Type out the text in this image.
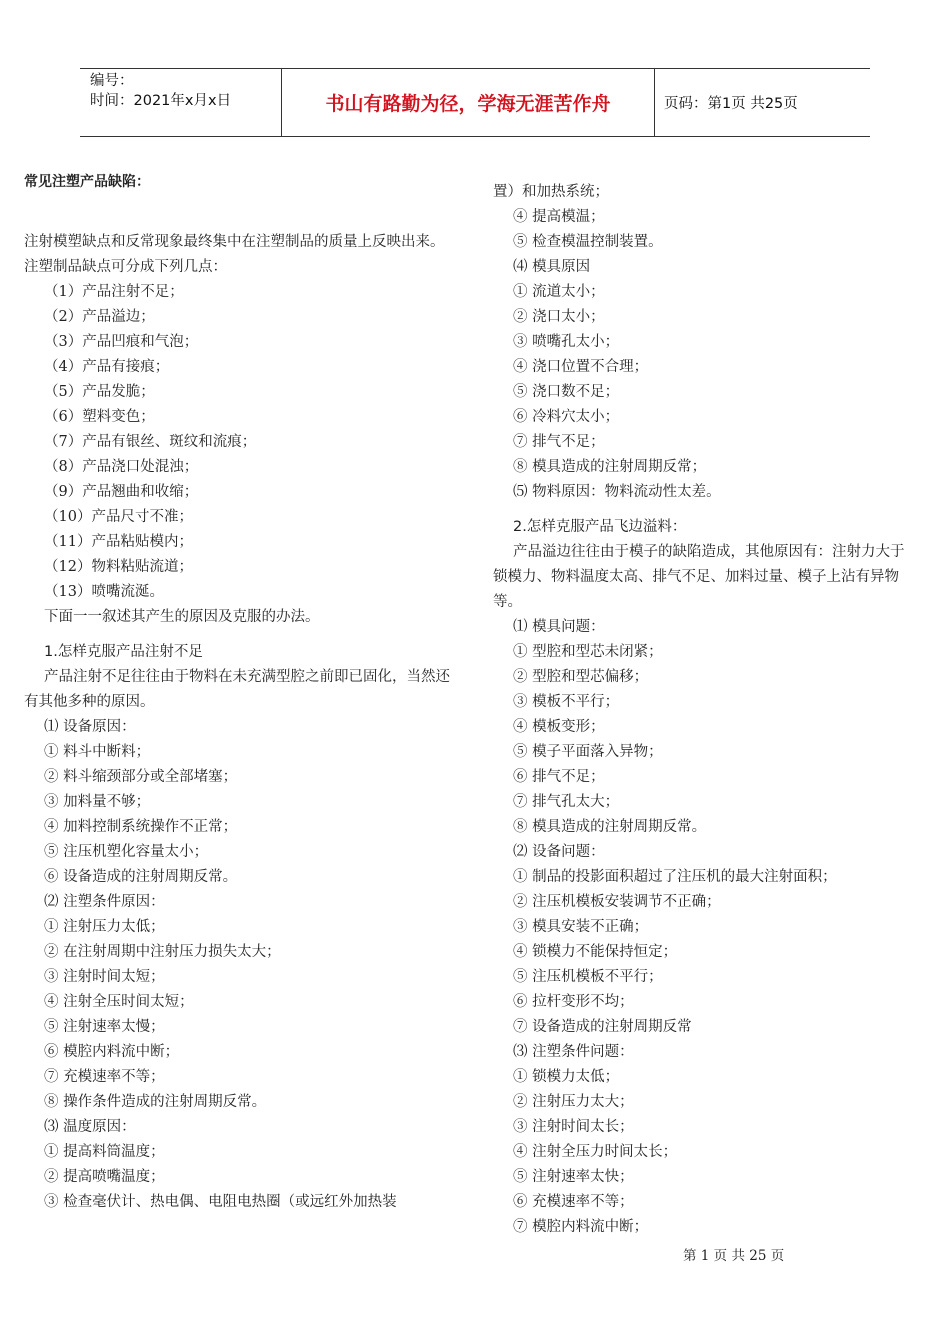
编号：
时间：2021年x月x日	书山有路勤为径，学海无涯苦作舟	页码：第1页 共25页
常见注塑产品缺陷：
注射模塑缺点和反常现象最终集中在注塑制品的质量上反映出来。注塑制品缺点可分成下列几点：
（1）产品注射不足；
（2）产品溢边；
（3）产品凹痕和气泡；
（4）产品有接痕；
（5）产品发脆；
（6）塑料变色；
（7）产品有银丝、斑纹和流痕；
（8）产品浇口处混浊；
（9）产品翘曲和收缩；
（10）产品尺寸不准；
（11）产品粘贴模内；
（12）物料粘贴流道；
（13）喷嘴流涎。
下面一一叙述其产生的原因及克服的办法。
1.怎样克服产品注射不足
产品注射不足往往由于物料在未充满型腔之前即已固化，当然还有其他多种的原因。
⑴ 设备原因：
① 料斗中断料；
② 料斗缩颈部分或全部堵塞；
③ 加料量不够；
④ 加料控制系统操作不正常；
⑤ 注压机塑化容量太小；
⑥ 设备造成的注射周期反常。
⑵ 注塑条件原因：
① 注射压力太低；
② 在注射周期中注射压力损失太大；
③ 注射时间太短；
④ 注射全压时间太短；
⑤ 注射速率太慢；
⑥ 模腔内料流中断；
⑦ 充模速率不等；
⑧ 操作条件造成的注射周期反常。
⑶ 温度原因：
① 提高料筒温度；
② 提高喷嘴温度；
③ 检查毫伏计、热电偶、电阻电热圈（或远红外加热装
置）和加热系统；
④ 提高模温；
⑤ 检查模温控制装置。
⑷ 模具原因
① 流道太小；
② 浇口太小；
③ 喷嘴孔太小；
④ 浇口位置不合理；
⑤ 浇口数不足；
⑥ 冷料穴太小；
⑦ 排气不足；
⑧ 模具造成的注射周期反常；
⑸ 物料原因：物料流动性太差。
2.怎样克服产品飞边溢料：
产品溢边往往由于模子的缺陷造成，其他原因有：注射力大于锁模力、物料温度太高、排气不足、加料过量、模子上沾有异物等。
⑴ 模具问题：
① 型腔和型芯未闭紧；
② 型腔和型芯偏移；
③ 模板不平行；
④ 模板变形；
⑤ 模子平面落入异物；
⑥ 排气不足；
⑦ 排气孔太大；
⑧ 模具造成的注射周期反常。
⑵ 设备问题：
① 制品的投影面积超过了注压机的最大注射面积；
② 注压机模板安装调节不正确；
③ 模具安装不正确；
④ 锁模力不能保持恒定；
⑤ 注压机模板不平行；
⑥ 拉杆变形不均；
⑦ 设备造成的注射周期反常
⑶ 注塑条件问题：
① 锁模力太低；
② 注射压力太大；
③ 注射时间太长；
④ 注射全压力时间太长；
⑤ 注射速率太快；
⑥ 充模速率不等；
⑦ 模腔内料流中断；
第 1 页 共 25 页
